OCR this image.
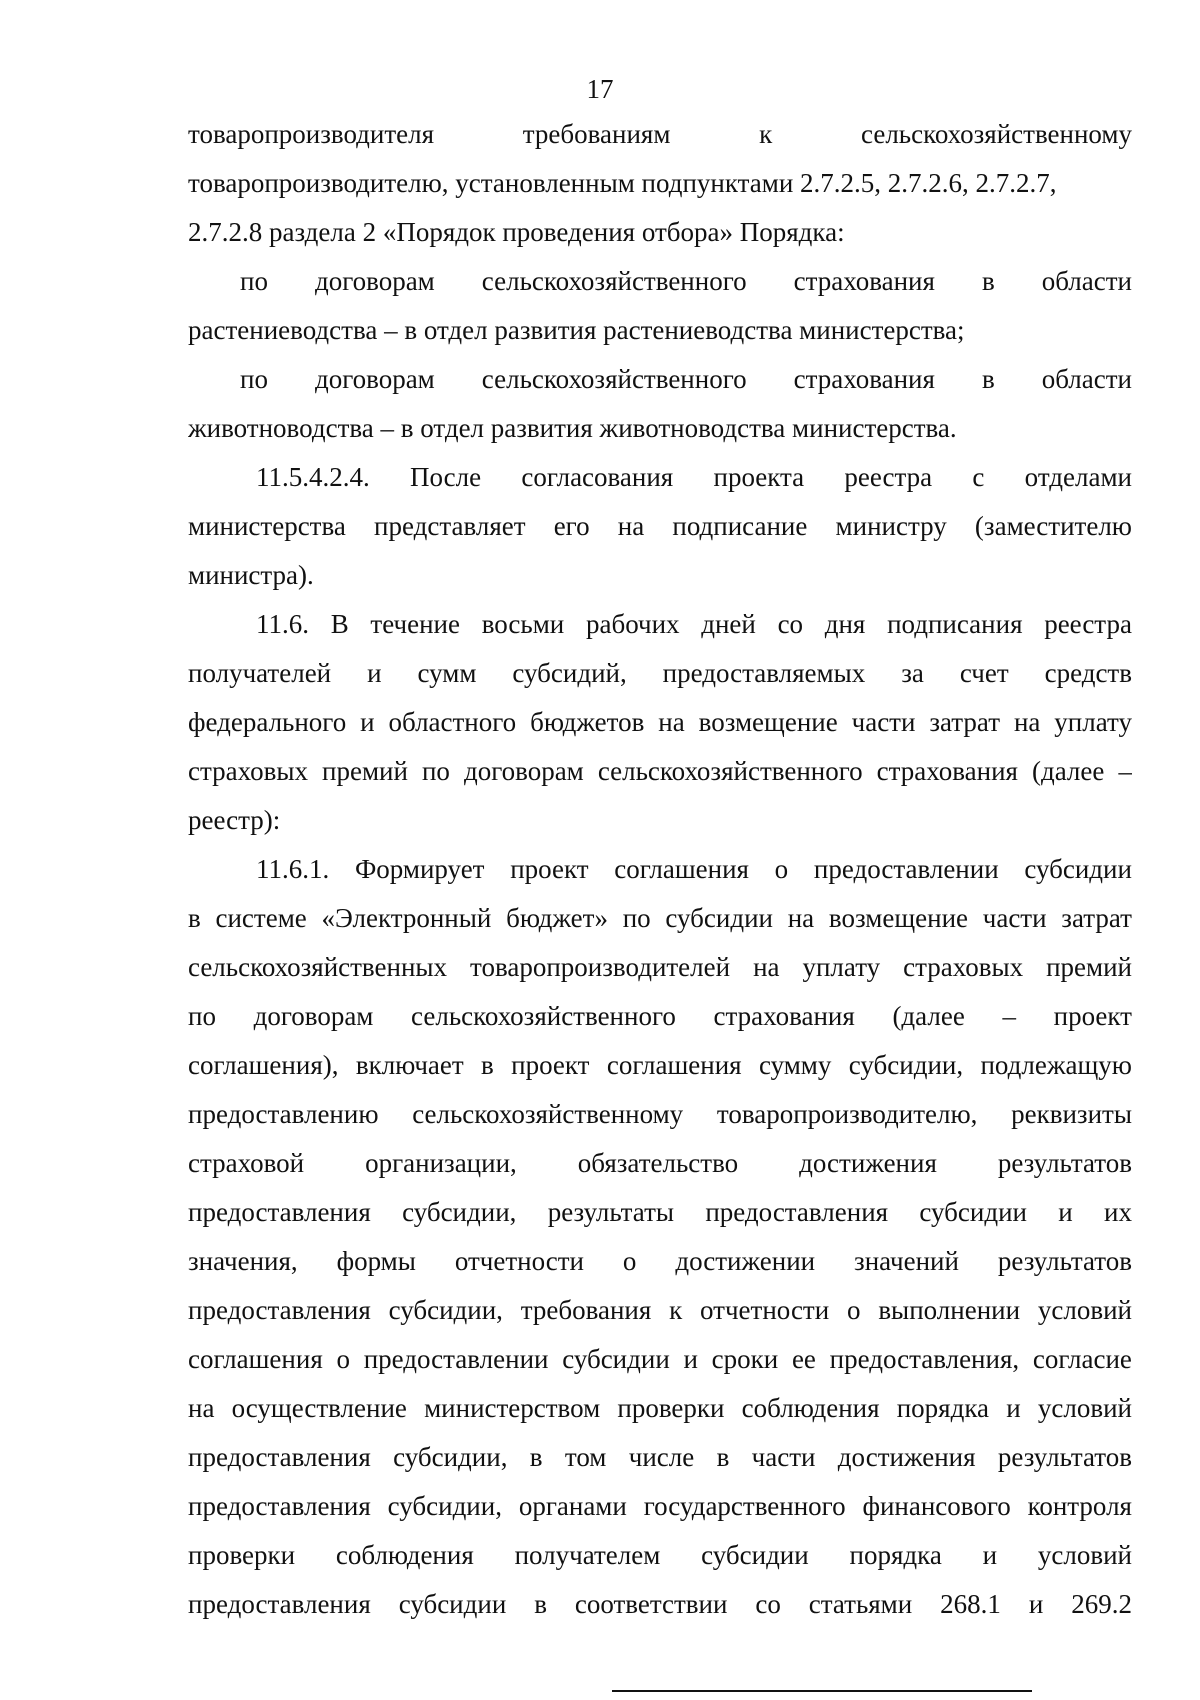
17
товаропроизводителя	требованиям	к	сельскохозяйственному
товаропроизводителю, установленным подпунктами 2.7.2.5, 2.7.2.6, 2.7.2.7,
2.7.2.8 раздела 2 «Порядок проведения отбора» Порядка:
по договорам сельскохозяйственного страхования в области
растениеводства – в отдел развития растениеводства министерства;
по договорам сельскохозяйственного страхования в области
животноводства – в отдел развития животноводства министерства.
11.5.4.2.4. После согласования проекта реестра с отделами
министерства представляет его на подписание министру (заместителю
министра).
11.6. В течение восьми рабочих дней со дня подписания реестра
получателей и сумм субсидий, предоставляемых за счет средств
федерального и областного бюджетов на возмещение части затрат на уплату
страховых премий по договорам сельскохозяйственного страхования (далее –
реестр):
11.6.1. Формирует проект соглашения о предоставлении субсидии
в системе «Электронный бюджет» по субсидии на возмещение части затрат
сельскохозяйственных товаропроизводителей на уплату страховых премий
по договорам сельскохозяйственного страхования (далее – проект
соглашения), включает в проект соглашения сумму субсидии, подлежащую
предоставлению сельскохозяйственному товаропроизводителю, реквизиты
страховой организации, обязательство достижения результатов
предоставления субсидии, результаты предоставления субсидии и их
значения, формы отчетности о достижении значений результатов
предоставления субсидии, требования к отчетности о выполнении условий
соглашения о предоставлении субсидии и сроки ее предоставления, согласие
на осуществление министерством проверки соблюдения порядка и условий
предоставления субсидии, в том числе в части достижения результатов
предоставления субсидии, органами государственного финансового контроля
проверки соблюдения получателем субсидии порядка и условий
предоставления субсидии в соответствии со статьями 268.1 и 269.2
